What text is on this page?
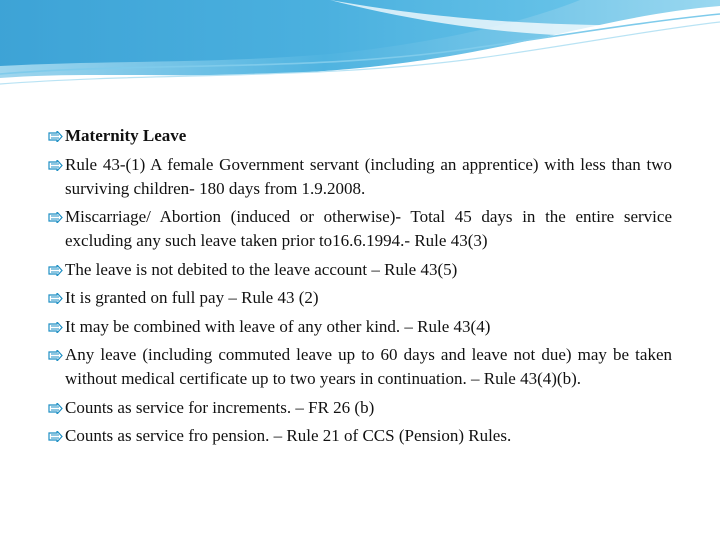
Maternity Leave
Rule 43-(1) A female Government servant (including an apprentice) with less than two surviving children- 180 days from 1.9.2008.
Miscarriage/ Abortion (induced or otherwise)- Total 45 days in the entire service excluding any such leave taken prior to16.6.1994.- Rule 43(3)
The leave is not debited to the leave account – Rule 43(5)
It is granted on full pay – Rule 43 (2)
It may be combined with leave of any other kind. – Rule 43(4)
Any leave (including commuted leave up to 60 days and leave not due) may be taken without medical certificate up to two years in continuation. – Rule 43(4)(b).
Counts as service for increments. – FR 26 (b)
Counts as service fro pension. – Rule 21 of CCS (Pension) Rules.
